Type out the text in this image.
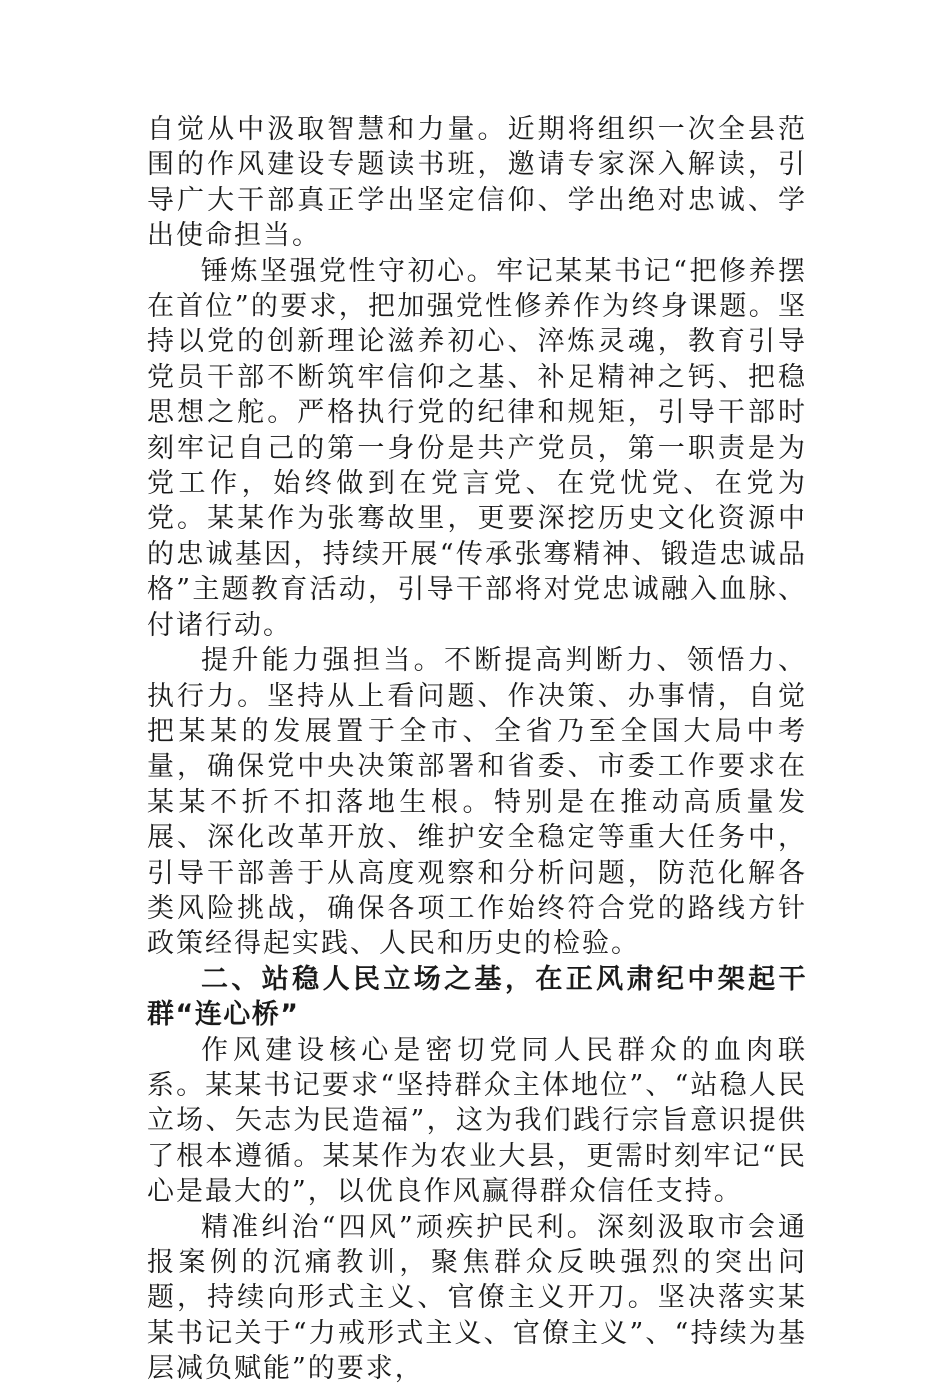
自觉从中汲取智慧和力量。近期将组织一次全县范围的作风建设专题读书班，邀请专家深入解读，引导广大干部真正学出坚定信仰、学出绝对忠诚、学出使命担当。

锤炼坚强党性守初心。牢记某某书记“把修养摆在首位”的要求，把加强党性修养作为终身课题。坚持以党的创新理论滋养初心、淬炼灵魂，教育引导党员干部不断筑牢信仰之基、补足精神之钙、把稳思想之舵。严格执行党的纪律和规矩，引导干部时刻牢记自己的第一身份是共产党员，第一职责是为党工作，始终做到在党言党、在党忧党、在党为党。某某作为张骞故里，更要深挖历史文化资源中的忠诚基因，持续开展“传承张骞精神、锻造忠诚品格”主题教育活动，引导干部将对党忠诚融入血脉、付诸行动。

提升能力强担当。不断提高判断力、领悟力、执行力。坚持从上看问题、作决策、办事情，自觉把某某的发展置于全市、全省乃至全国大局中考量，确保党中央决策部署和省委、市委工作要求在某某不折不扣落地生根。特别是在推动高质量发展、深化改革开放、维护安全稳定等重大任务中，引导干部善于从高度观察和分析问题，防范化解各类风险挑战，确保各项工作始终符合党的路线方针政策经得起实践、人民和历史的检验。

二、站稳人民立场之基，在正风肃纪中架起干群“连心桥”

作风建设核心是密切党同人民群众的血肉联系。某某书记要求“坚持群众主体地位”、“站稳人民立场、矢志为民造福”，这为我们践行宗旨意识提供了根本遵循。某某作为农业大县，更需时刻牢记“民心是最大的”，以优良作风赢得群众信任支持。

精准纠治“四风”顽疾护民利。深刻汲取市会通报案例的沉痛教训，聚焦群众反映强烈的突出问题，持续向形式主义、官僚主义开刀。坚决落实某某书记关于“力戒形式主义、官僚主义”、“持续为基层减负赋能”的要求，
